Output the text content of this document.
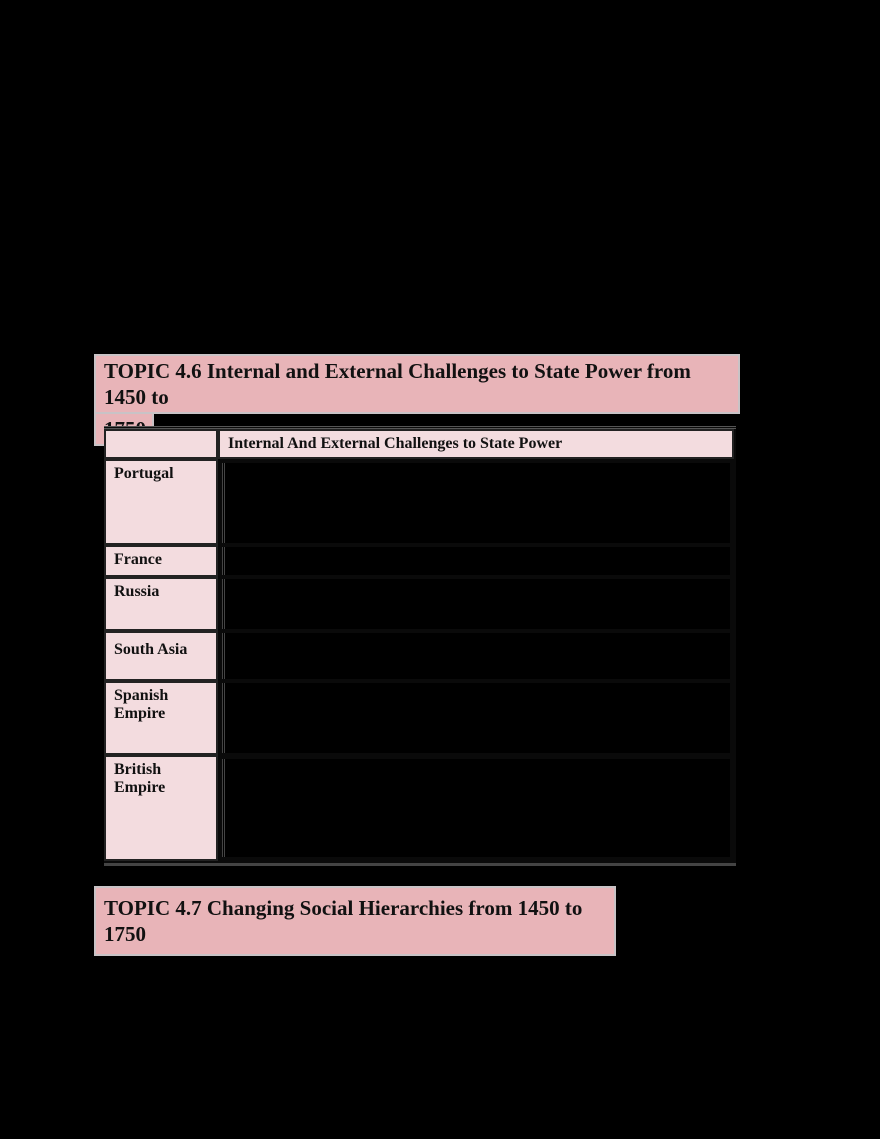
TOPIC 4.6 Internal and External Challenges to State Power from 1450 to

Internal And External Challenges to State Power
Portugal
France
Russia
South Asia
Spanish Empire
British Empire
TOPIC 4.7 Changing Social Hierarchies from 1450 to 1750
